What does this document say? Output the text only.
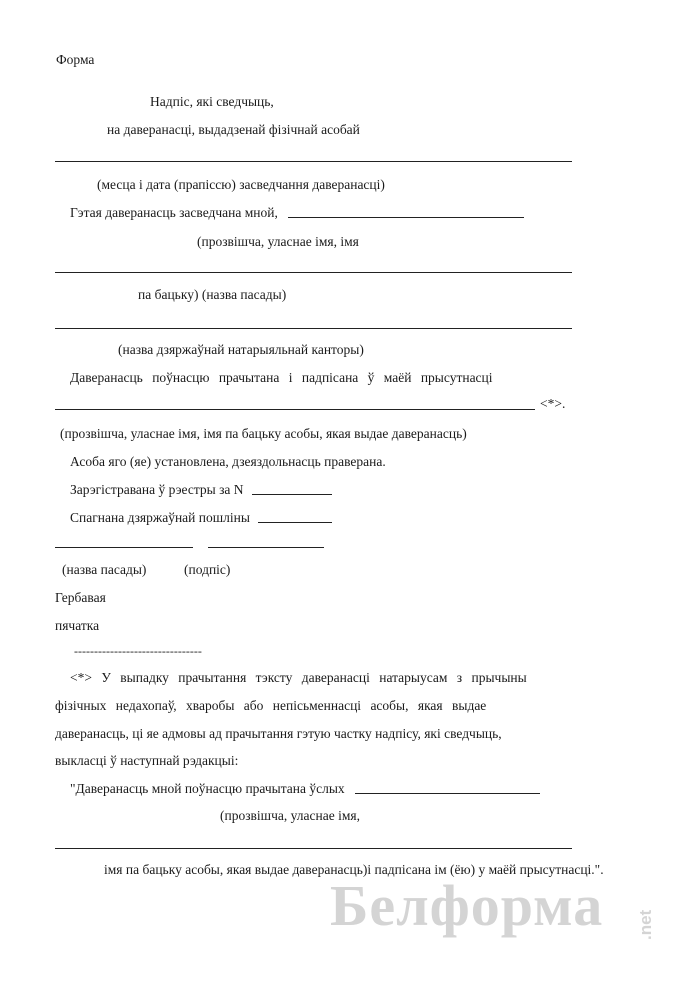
Форма
Надпіс, які сведчыць,
на даверанасці, выдадзенай фізічнай асобай
(месца і дата (прапіссю) засведчання даверанасці)
Гэтая даверанасць засведчана мной,
(прозвішча, уласнае імя, імя
па бацьку) (назва пасады)
(назва дзяржаўнай натарыяльнай канторы)
Даверанасць поўнасцю прачытана і падпісана ў маёй прысутнасці
<*>.
(прозвішча, уласнае імя, імя па бацьку асобы, якая выдае даверанасць)
Асоба яго (яе) установлена, дзеяздольнасць праверана.
Зарэгістравана ў рэестры за N
Спагнана дзяржаўнай пошліны
(назва пасады)	(подпіс)
Гербавая
пячатка
--------------------------------
<*> У выпадку прачытання тэксту даверанасці натарыусам з прычыны
фізічных недахопаў, хваробы або непісьменнасці асобы, якая выдае
даверанасць, ці яе адмовы ад прачытання гэтую частку надпісу, які сведчыць,
выкласці ў наступнай рэдакцыі:
"Даверанасць мной поўнасцю прачытана ўслых
(прозвішча, уласнае імя,
імя па бацьку асобы, якая выдае даверанасць)і падпісана ім (ёю) у маёй прысутнасці.".
Белформа .net
